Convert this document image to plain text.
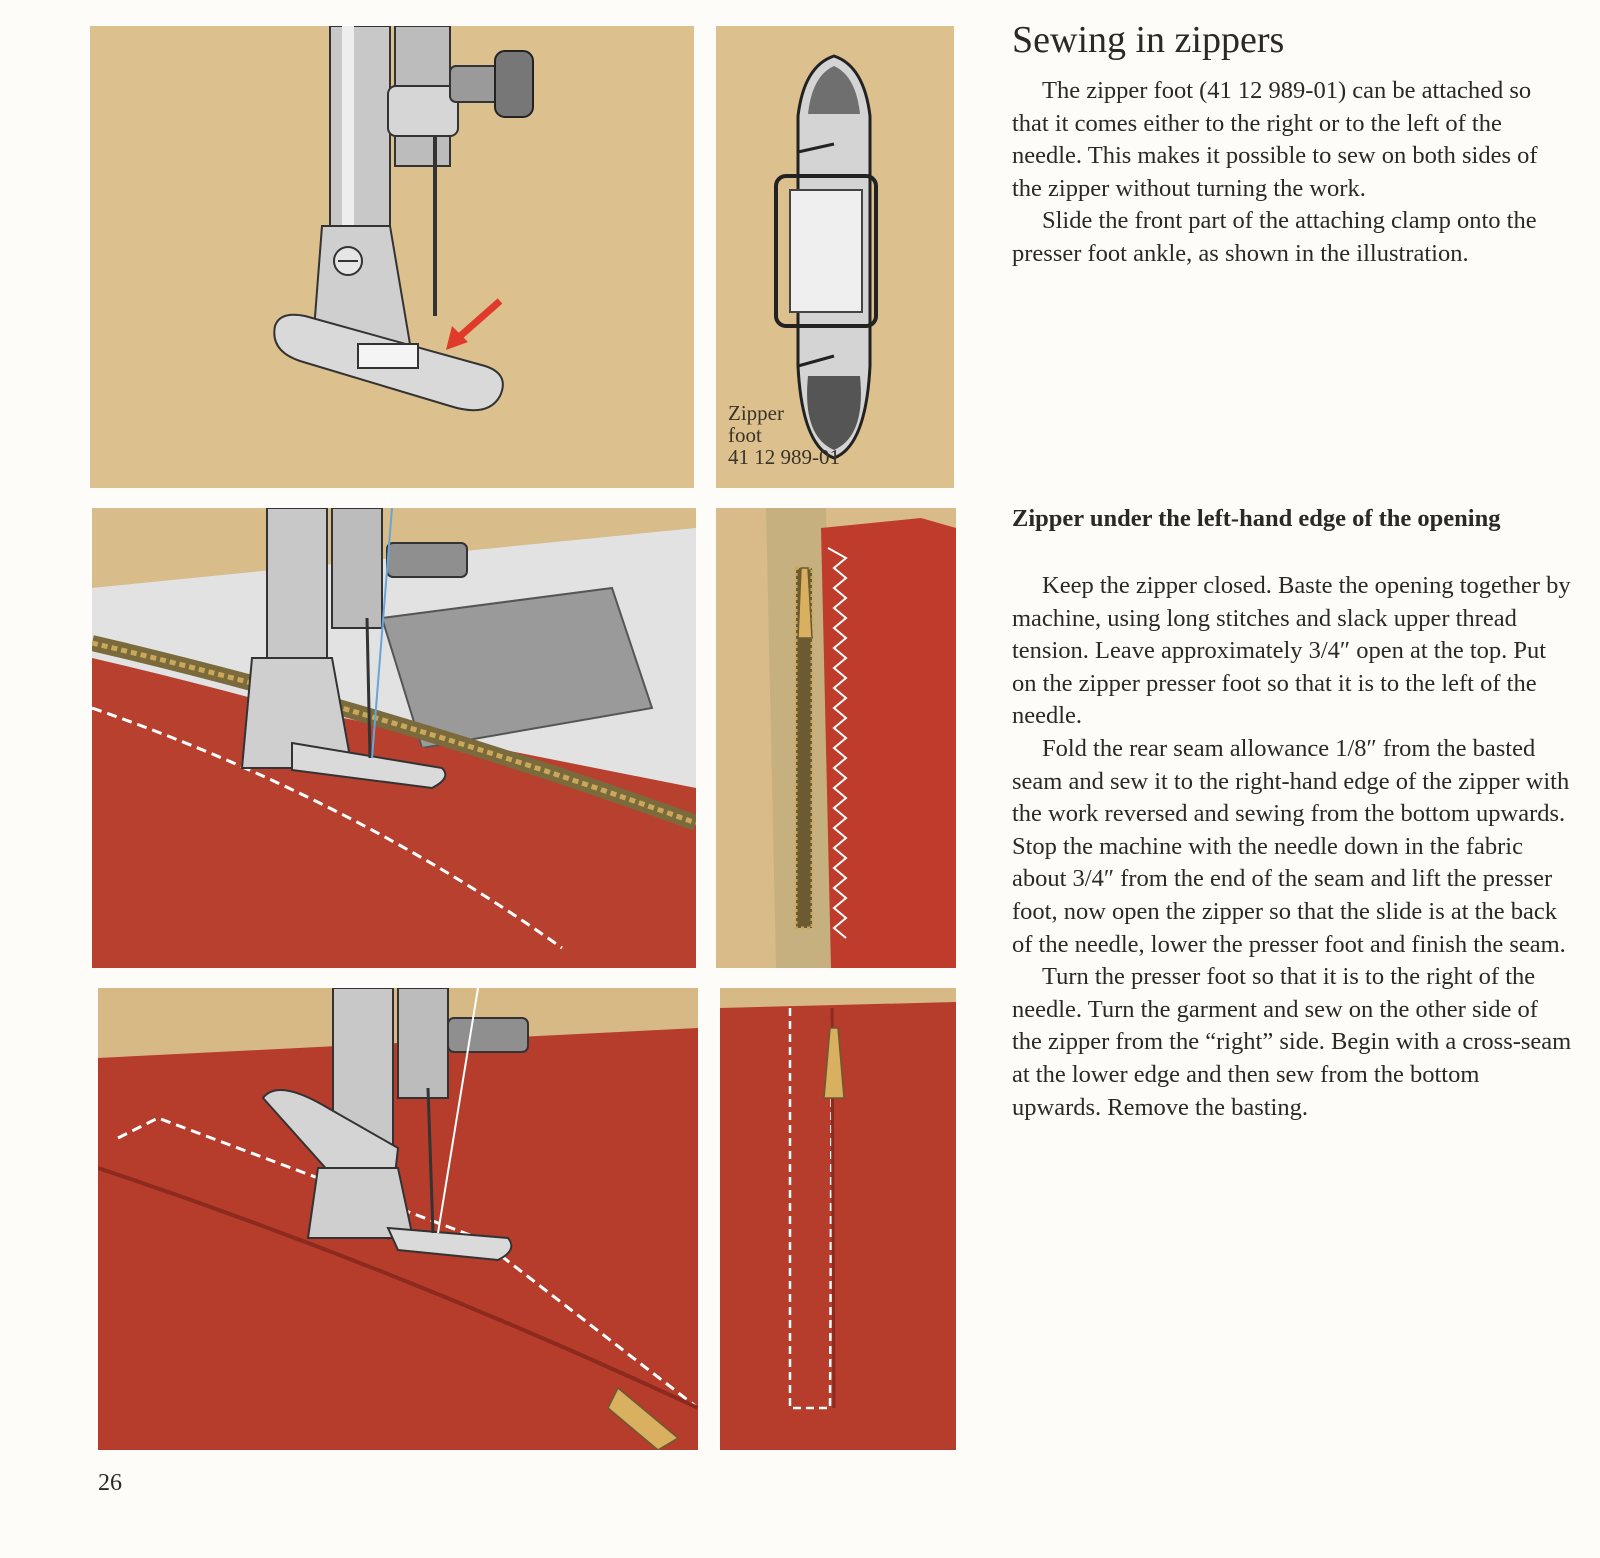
Zipper
foot
41 12 989-01
Sewing in zippers

The zipper foot (41 12 989-01) can be attached so that it comes either to the right or to the left of the needle. This makes it possible to sew on both sides of the zipper without turning the work.

Slide the front part of the attaching clamp onto the presser foot ankle, as shown in the illustration.

Zipper under the left-hand edge of the opening

Keep the zipper closed. Baste the opening together by machine, using long stitches and slack upper thread tension. Leave approximately 3/4″ open at the top. Put on the zipper presser foot so that it is to the left of the needle.

Fold the rear seam allowance 1/8″ from the basted seam and sew it to the right-hand edge of the zipper with the work reversed and sewing from the bottom upwards. Stop the machine with the needle down in the fabric about 3/4″ from the end of the seam and lift the presser foot, now open the zipper so that the slide is at the back of the needle, lower the presser foot and finish the seam.

Turn the presser foot so that it is to the right of the needle. Turn the garment and sew on the other side of the zipper from the “right” side. Begin with a cross-seam at the lower edge and then sew from the bottom upwards. Remove the basting.

26
